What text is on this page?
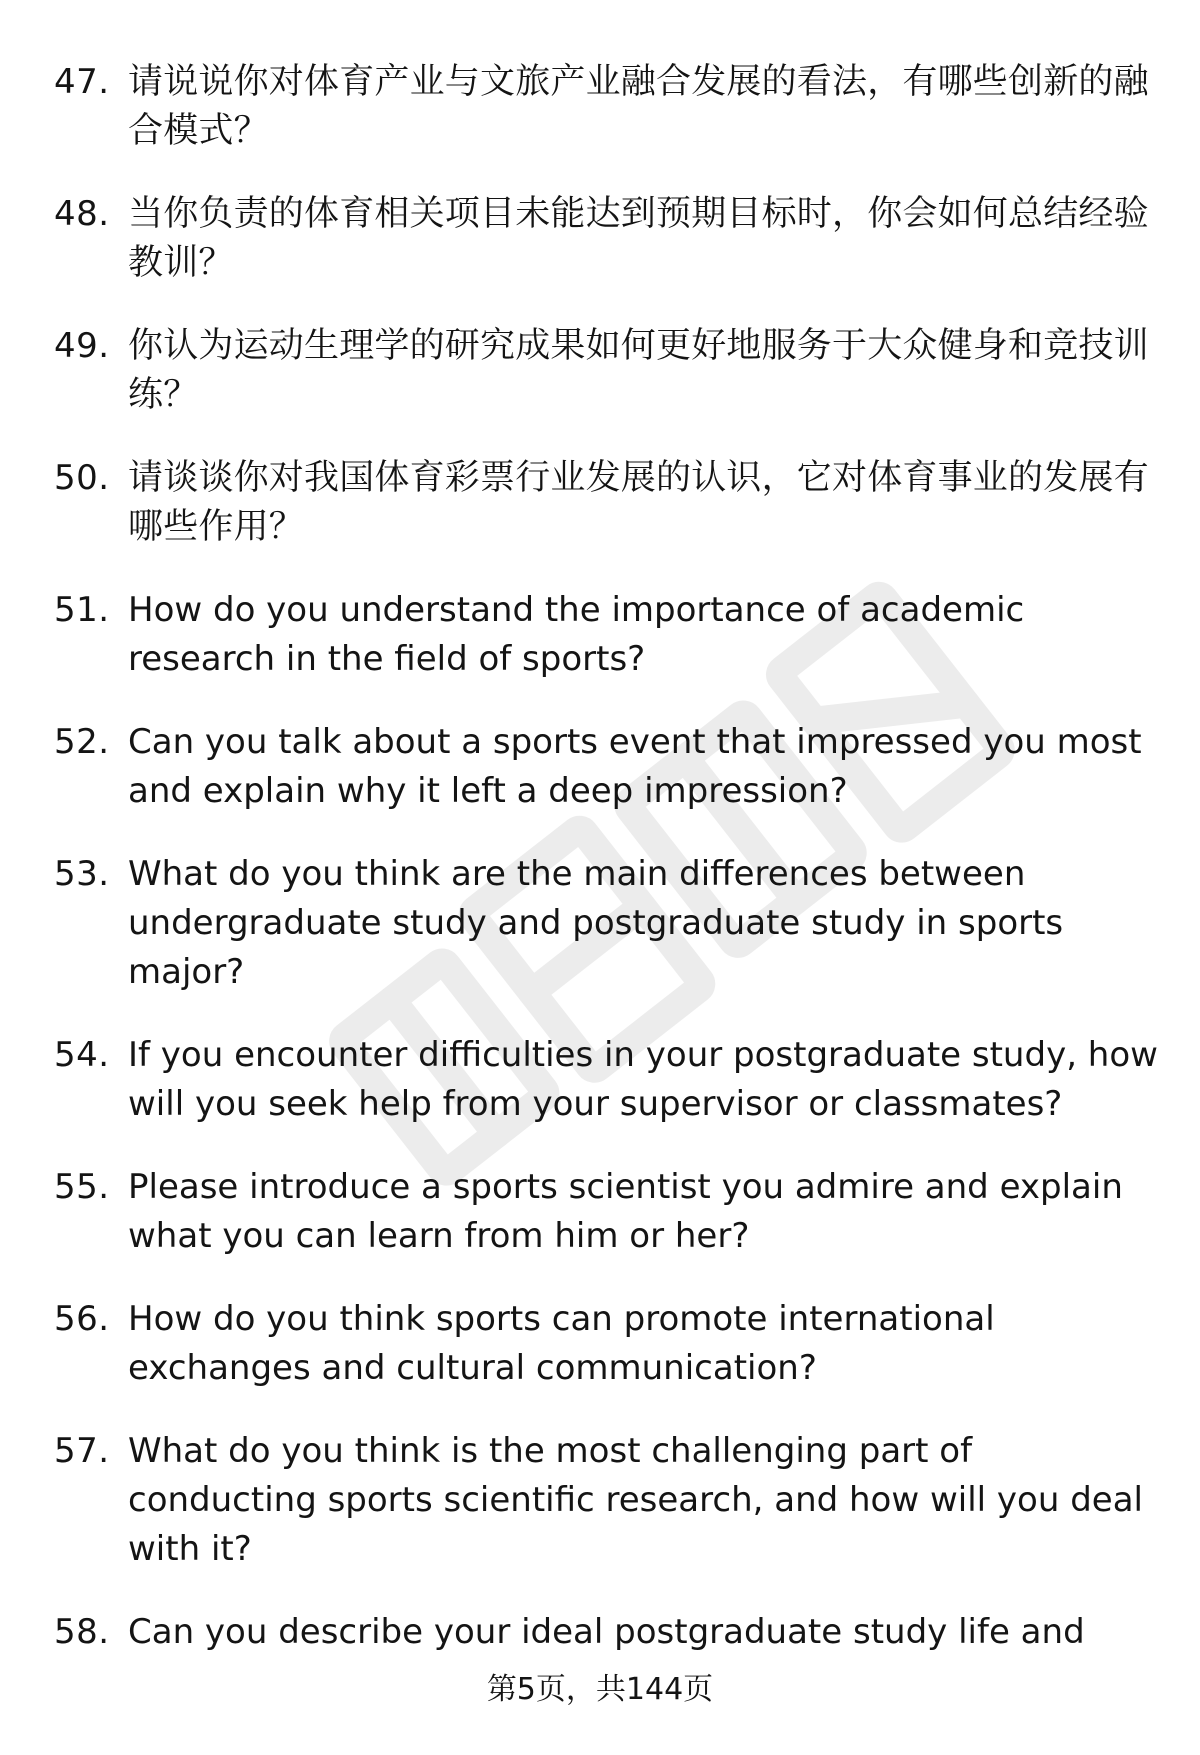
47. 请说说你对体育产业与文旅产业融合发展的看法，有哪些创新的融合模式？
48. 当你负责的体育相关项目未能达到预期目标时，你会如何总结经验教训？
49. 你认为运动生理学的研究成果如何更好地服务于大众健身和竞技训练？
50. 请谈谈你对我国体育彩票行业发展的认识，它对体育事业的发展有哪些作用？
51. How do you understand the importance of academic research in the field of sports?
52. Can you talk about a sports event that impressed you most and explain why it left a deep impression?
53. What do you think are the main differences between undergraduate study and postgraduate study in sports major?
54. If you encounter difficulties in your postgraduate study, how will you seek help from your supervisor or classmates?
55. Please introduce a sports scientist you admire and explain what you can learn from him or her?
56. How do you think sports can promote international exchanges and cultural communication?
57. What do you think is the most challenging part of conducting sports scientific research, and how will you deal with it?
58. Can you describe your ideal postgraduate study life and
第5页，共144页
